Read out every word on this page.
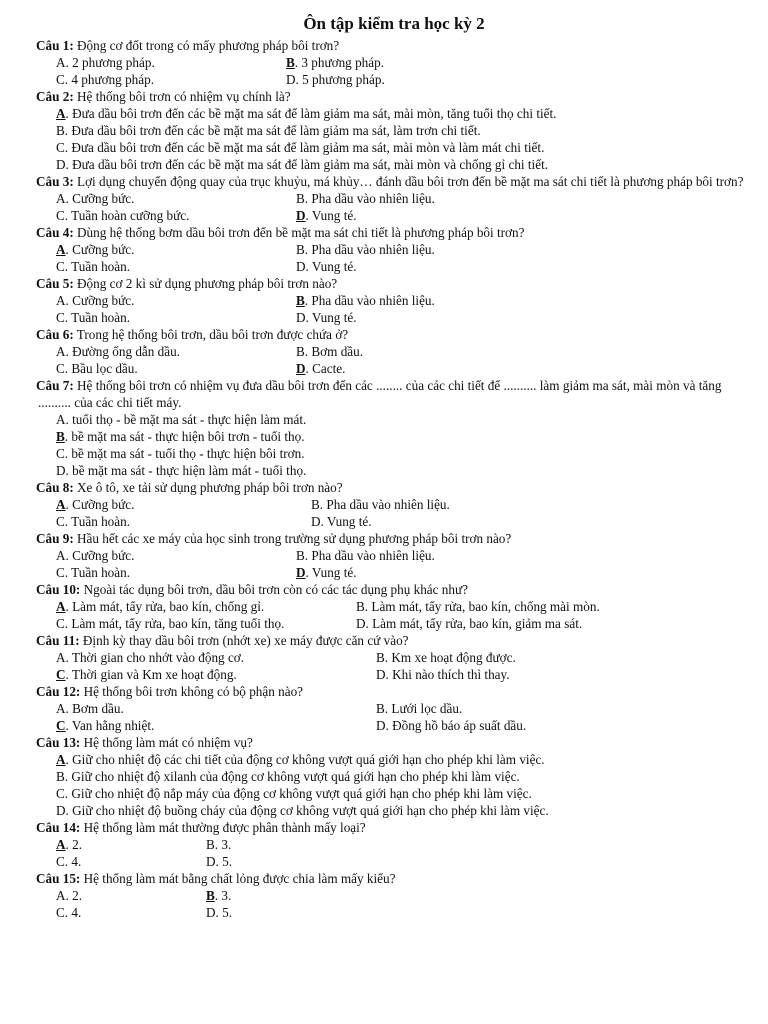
Ôn tập kiểm tra học kỳ 2
Câu 1: Động cơ đốt trong có mấy phương pháp bôi trơn?
A. 2 phương pháp.	B. 3 phương pháp.
C. 4 phương pháp.	D. 5 phương pháp.
Câu 2: Hệ thống bôi trơn có nhiệm vụ chính là?
A. Đưa dầu bôi trơn đến các bề mặt ma sát để làm giảm ma sát, mài mòn, tăng tuổi thọ chi tiết.
B. Đưa dầu bôi trơn đến các bề mặt ma sát để làm giảm ma sát, làm trơn chi tiết.
C. Đưa dầu bôi trơn đến các bề mặt ma sát để làm giảm ma sát, mài mòn và làm mát chi tiết.
D. Đưa dầu bôi trơn đến các bề mặt ma sát để làm giảm ma sát, mài mòn và chống gỉ chi tiết.
Câu 3: Lợi dụng chuyển động quay của trục khuỷu, má khủy… đánh dầu bôi trơn đến bề mặt ma sát chi tiết là phương pháp bôi trơn?
A. Cưỡng bức.	B. Pha dầu vào nhiên liệu.
C. Tuần hoàn cưỡng bức.	D. Vung té.
Câu 4: Dùng hệ thống bơm dầu bôi trơn đến bề mặt ma sát chi tiết là phương pháp bôi trơn?
A. Cưỡng bức.	B. Pha dầu vào nhiên liệu.
C. Tuần hoàn.	D. Vung té.
Câu 5: Động cơ 2 kì sử dụng phương pháp bôi trơn nào?
A. Cưỡng bức.	B. Pha dầu vào nhiên liệu.
C. Tuần hoàn.	D. Vung té.
Câu 6: Trong hệ thống bôi trơn, dầu bôi trơn được chứa ở?
A. Đường ống dẫn dầu.	B. Bơm dầu.
C. Bầu lọc dầu.	D. Cacte.
Câu 7: Hệ thống bôi trơn có nhiệm vụ đưa dầu bôi trơn đến các ........ của các chi tiết để .......... làm giảm ma sát, mài mòn và tăng .......... của các chi tiết máy.
A. tuổi thọ - bề mặt ma sát - thực hiện làm mát.
B. bề mặt ma sát - thực hiện bôi trơn - tuổi thọ.
C. bề mặt ma sát - tuổi thọ - thực hiện bôi trơn.
D. bề mặt ma sát - thực hiện làm mát - tuổi thọ.
Câu 8: Xe ô tô, xe tải sử dụng phương pháp bôi trơn nào?
A. Cưỡng bức.	B. Pha dầu vào nhiên liệu.
C. Tuần hoàn.	D. Vung té.
Câu 9: Hầu hết các xe máy của học sinh trong trường sử dụng phương pháp bôi trơn nào?
A. Cưỡng bức.	B. Pha dầu vào nhiên liệu.
C. Tuần hoàn.	D. Vung té.
Câu 10: Ngoài tác dụng bôi trơn, dầu bôi trơn còn có các tác dụng phụ khác như?
A. Làm mát, tẩy rửa, bao kín, chống gỉ.	B. Làm mát, tẩy rửa, bao kín, chống mài mòn.
C. Làm mát, tẩy rửa, bao kín, tăng tuổi thọ.	D. Làm mát, tẩy rửa, bao kín, giảm ma sát.
Câu 11: Định kỳ thay dầu bôi trơn (nhớt xe) xe máy được căn cứ vào?
A. Thời gian cho nhớt vào động cơ.	B. Km xe hoạt động được.
C. Thời gian và Km xe hoạt động.	D. Khi nào thích thì thay.
Câu 12: Hệ thống bôi trơn không có bộ phận nào?
A. Bơm dầu.	B. Lưới lọc dầu.
C. Van hằng nhiệt.	D. Đồng hồ báo áp suất dầu.
Câu 13: Hệ thống làm mát có nhiệm vụ?
A. Giữ cho nhiệt độ các chi tiết của động cơ không vượt quá giới hạn cho phép khi làm việc.
B. Giữ cho nhiệt độ xilanh của động cơ không vượt quá giới hạn cho phép khi làm việc.
C. Giữ cho nhiệt độ nắp máy của động cơ không vượt quá giới hạn cho phép khi làm việc.
D. Giữ cho nhiệt độ buồng cháy của động cơ không vượt quá giới hạn cho phép khi làm việc.
Câu 14: Hệ thống làm mát thường được phân thành mấy loại?
A. 2.	B. 3.
C. 4.	D. 5.
Câu 15: Hệ thống làm mát bằng chất lỏng được chia làm mấy kiểu?
A. 2.	B. 3.
C. 4.	D. 5.
